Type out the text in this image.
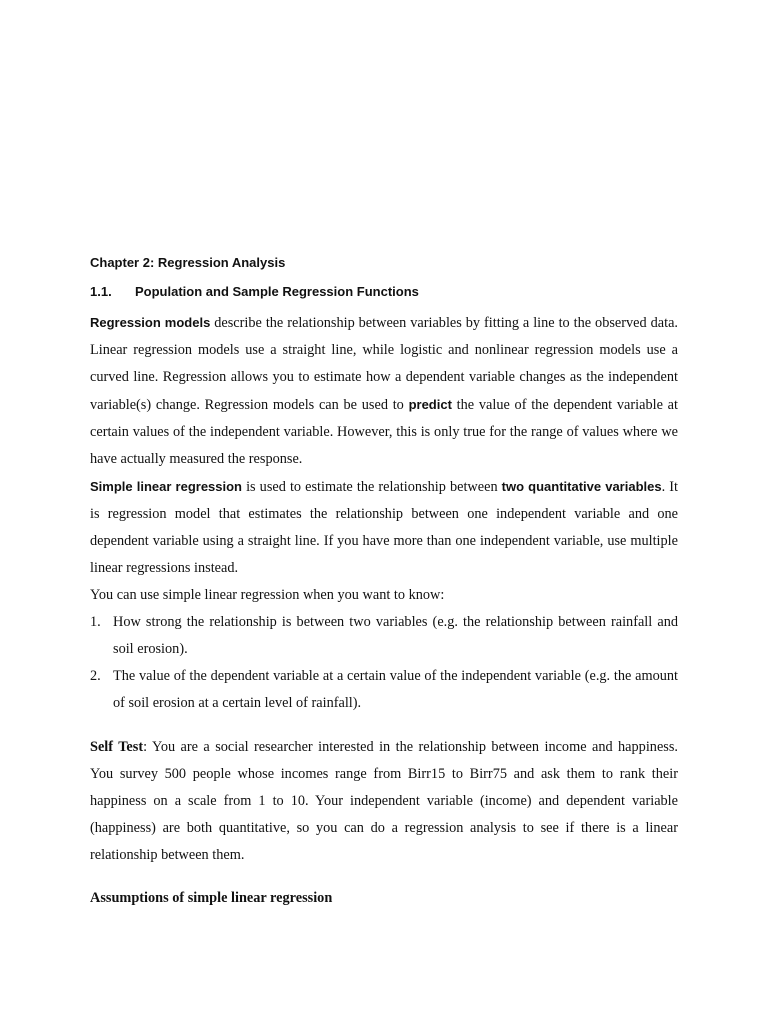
Chapter 2: Regression Analysis
1.1.	Population and Sample Regression Functions

Regression models describe the relationship between variables by fitting a line to the observed data. Linear regression models use a straight line, while logistic and nonlinear regression models use a curved line. Regression allows you to estimate how a dependent variable changes as the independent variable(s) change. Regression models can be used to predict the value of the dependent variable at certain values of the independent variable. However, this is only true for the range of values where we have actually measured the response.

Simple linear regression is used to estimate the relationship between two quantitative variables. It is regression model that estimates the relationship between one independent variable and one dependent variable using a straight line. If you have more than one independent variable, use multiple linear regressions instead.

You can use simple linear regression when you want to know:

1. How strong the relationship is between two variables (e.g. the relationship between rainfall and soil erosion).
2. The value of the dependent variable at a certain value of the independent variable (e.g. the amount of soil erosion at a certain level of rainfall).

Self Test: You are a social researcher interested in the relationship between income and happiness. You survey 500 people whose incomes range from Birr15 to Birr75 and ask them to rank their happiness on a scale from 1 to 10. Your independent variable (income) and dependent variable (happiness) are both quantitative, so you can do a regression analysis to see if there is a linear relationship between them.

Assumptions of simple linear regression
